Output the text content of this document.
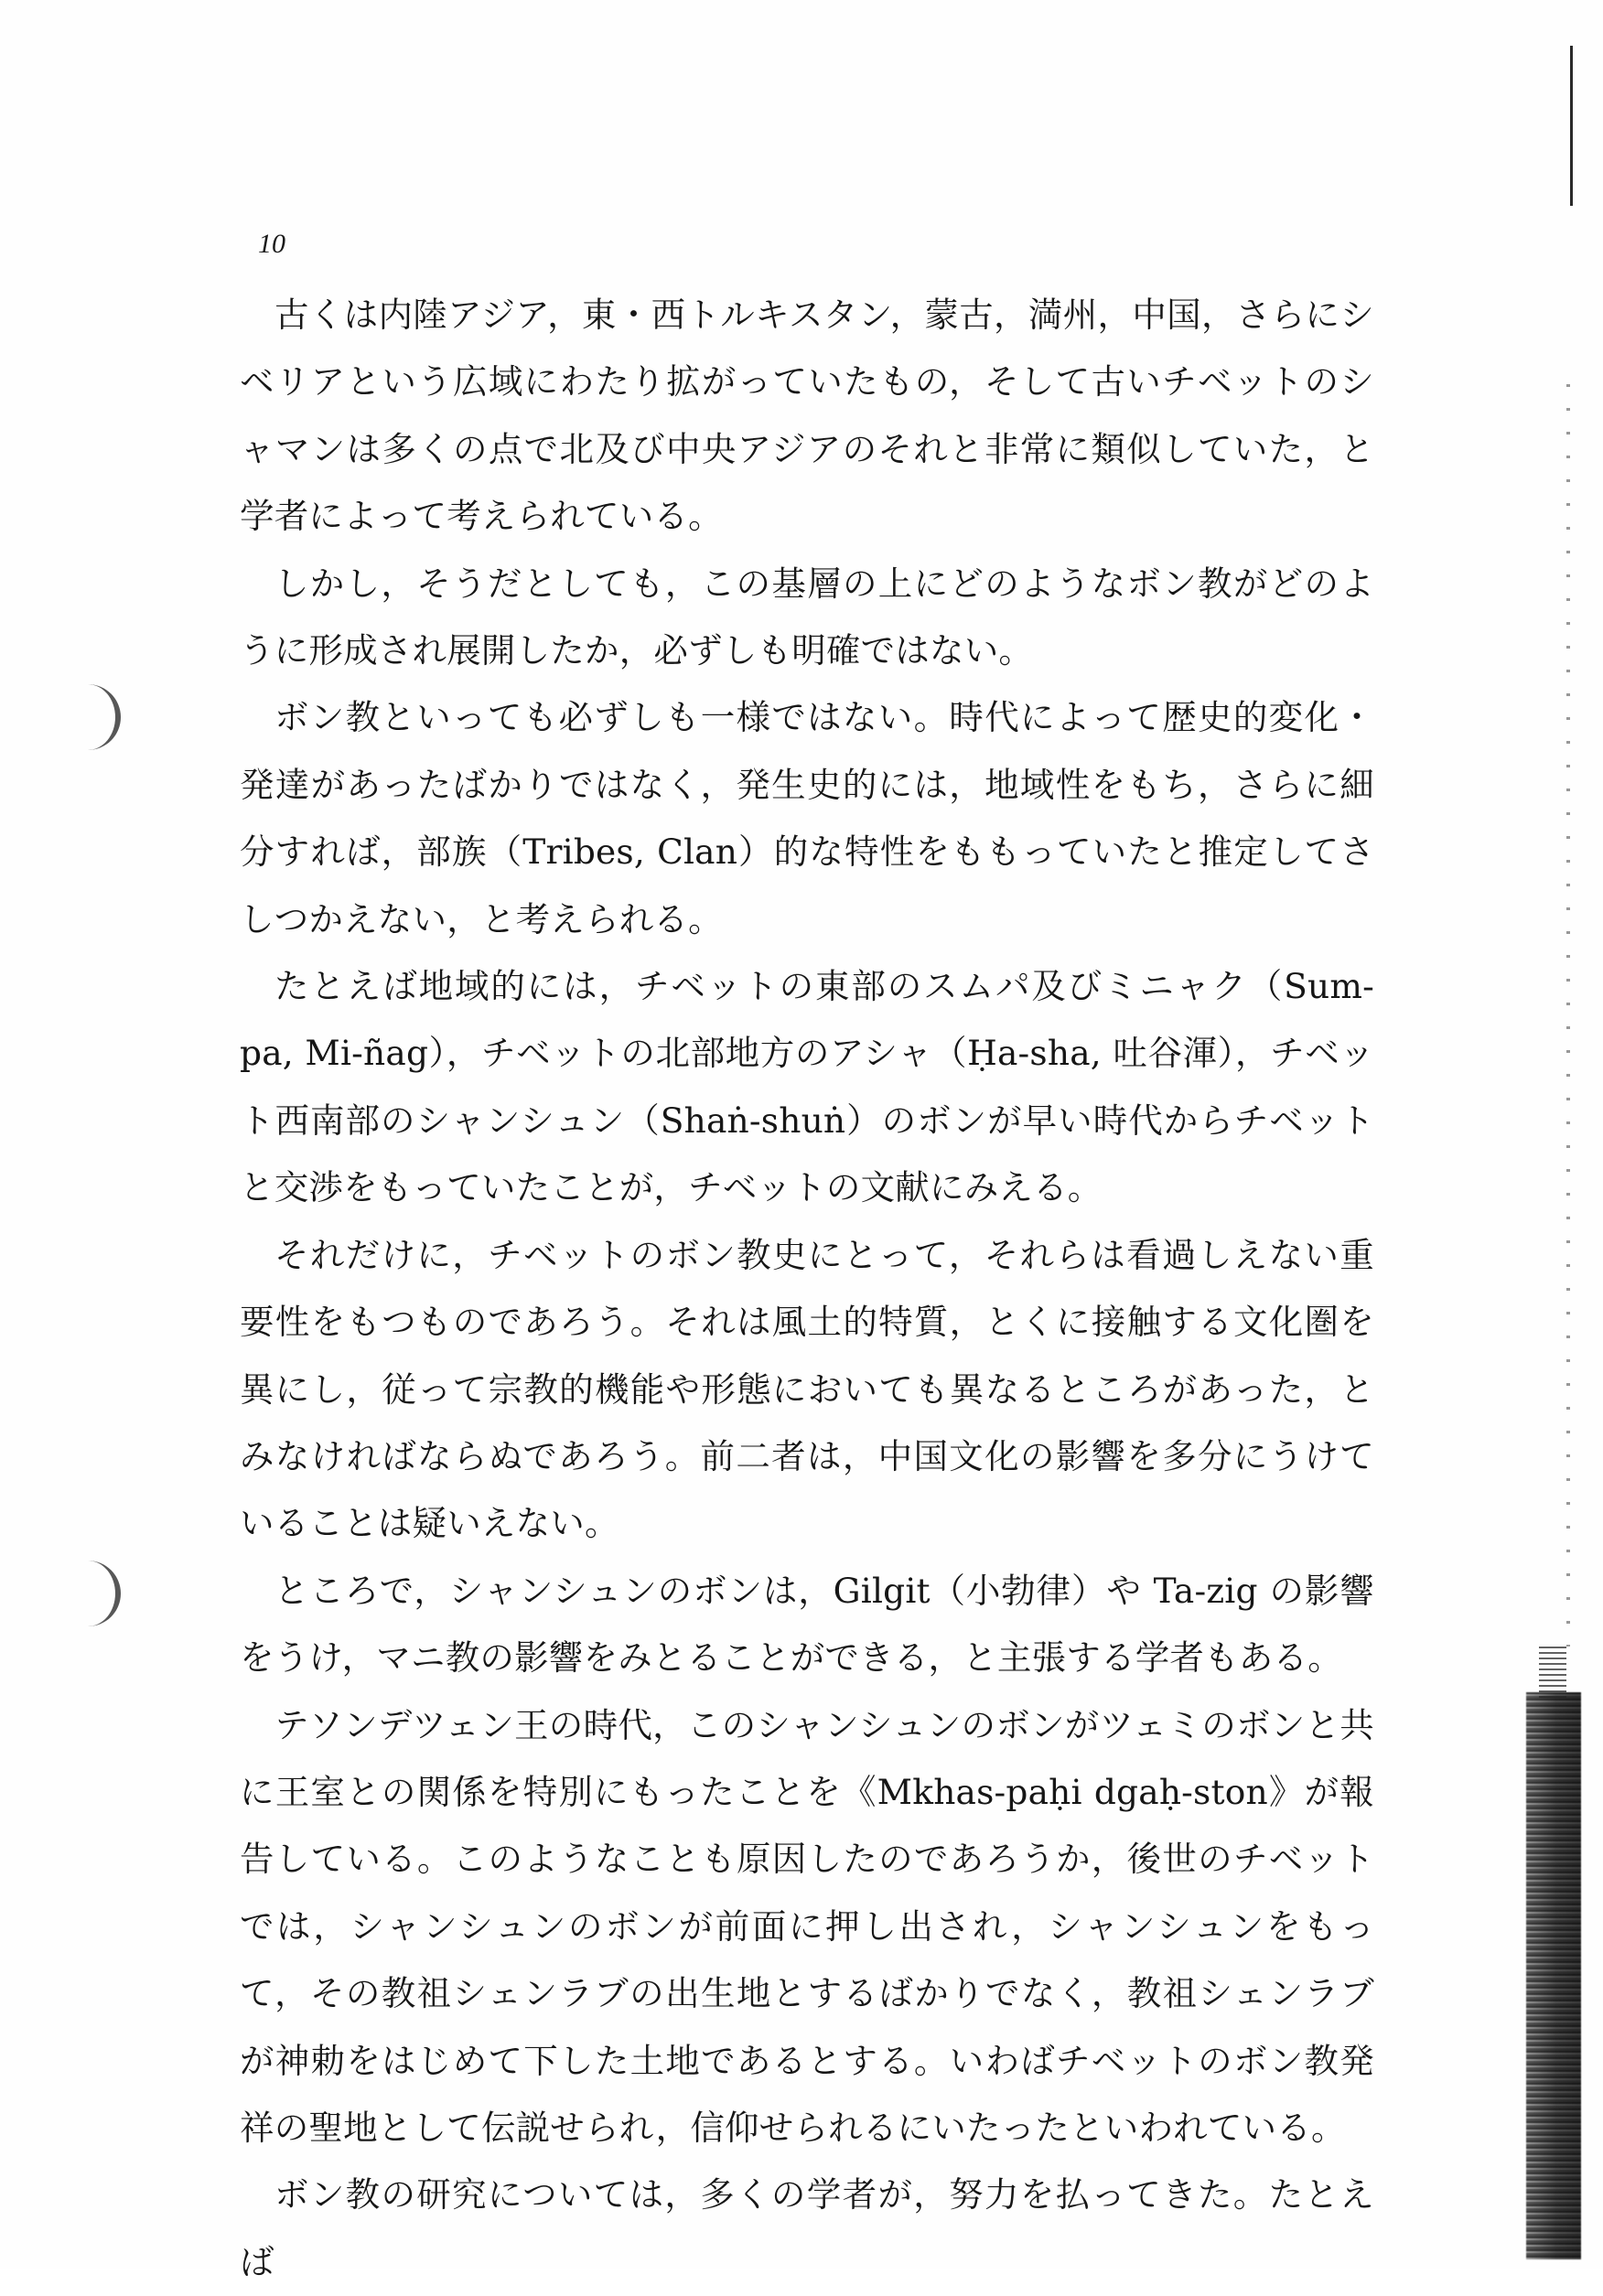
10

古くは内陸アジア，東・西トルキスタン，蒙古，満州，中国，さらにシベリアという広域にわたり拡がっていたもの，そして古いチベットのシャマンは多くの点で北及び中央アジアのそれと非常に類似していた，と学者によって考えられている。

しかし，そうだとしても，この基層の上にどのようなボン教がどのように形成され展開したか，必ずしも明確ではない。

ボン教といっても必ずしも一様ではない。時代によって歴史的変化・発達があったばかりではなく，発生史的には，地域性をもち，さらに細分すれば，部族（Tribes, Clan）的な特性をももっていたと推定してさしつかえない，と考えられる。

たとえば地域的には，チベットの東部のスムパ及びミニャク（Sum-pa, Mi-ñag），チベットの北部地方のアシャ（Ḥa-sha, 吐谷渾），チベット西南部のシャンシュン（Shaṅ-shuṅ）のボンが早い時代からチベットと交渉をもっていたことが，チベットの文献にみえる。

それだけに，チベットのボン教史にとって，それらは看過しえない重要性をもつものであろう。それは風土的特質，とくに接触する文化圏を異にし，従って宗教的機能や形態においても異なるところがあった，とみなければならぬであろう。前二者は，中国文化の影響を多分にうけていることは疑いえない。

ところで，シャンシュンのボンは，Gilgit（小勃律）や Ta-zig の影響をうけ，マニ教の影響をみとることができる，と主張する学者もある。

テソンデツェン王の時代，このシャンシュンのボンがツェミのボンと共に王室との関係を特別にもったことを《Mkhas-paḥi dgaḥ-ston》が報告している。このようなことも原因したのであろうか，後世のチベットでは，シャンシュンのボンが前面に押し出され，シャンシュンをもって，その教祖シェンラブの出生地とするばかりでなく，教祖シェンラブが神勅をはじめて下した土地であるとする。いわばチベットのボン教発祥の聖地として伝説せられ，信仰せられるにいたったといわれている。

ボン教の研究については，多くの学者が，努力を払ってきた。たとえば
